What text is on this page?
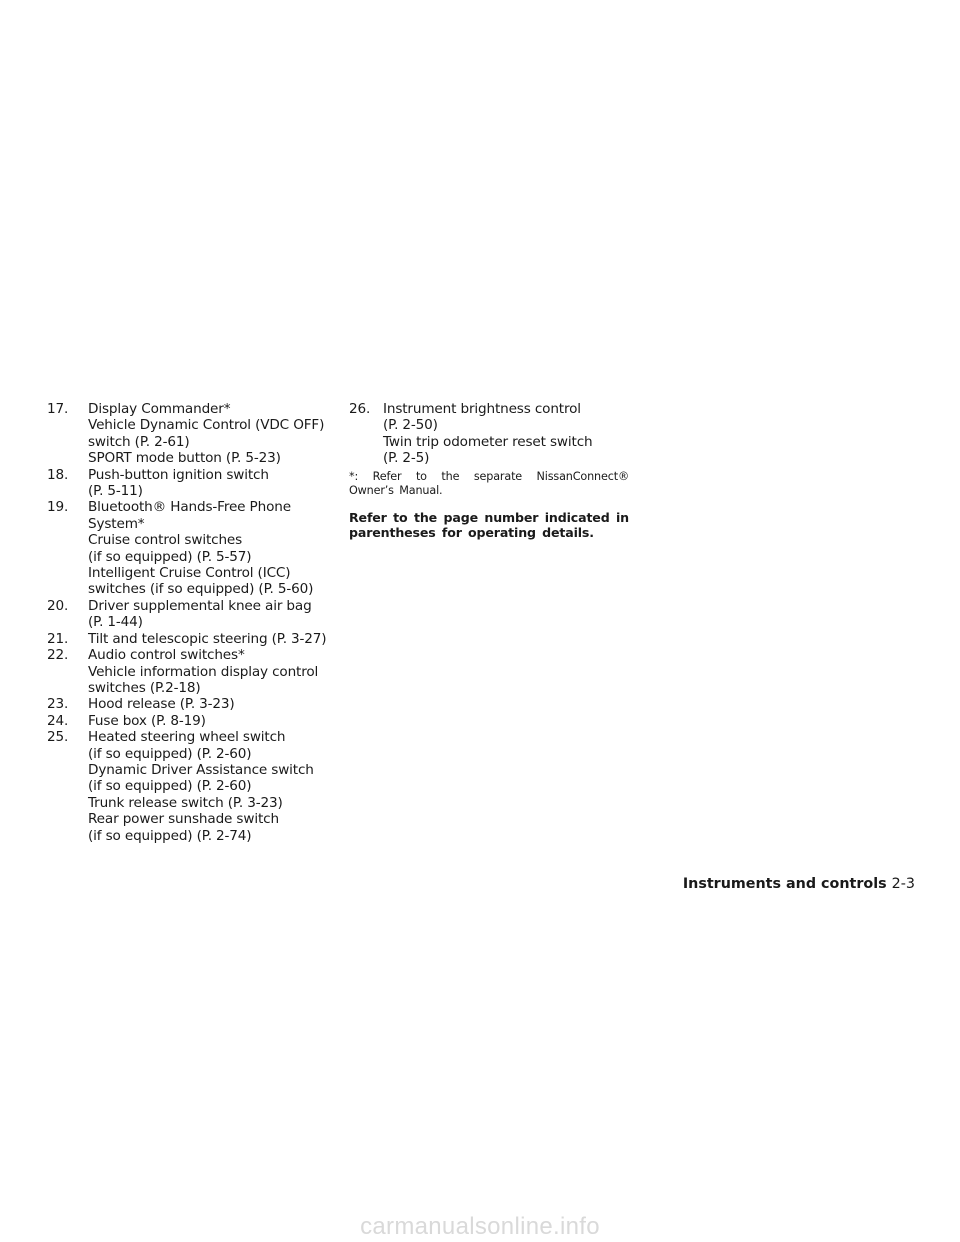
17. Display Commander*
Vehicle Dynamic Control (VDC OFF)
switch (P. 2-61)
SPORT mode button (P. 5-23)
18. Push-button ignition switch
(P. 5-11)
19. Bluetooth® Hands-Free Phone
System*
Cruise control switches
(if so equipped) (P. 5-57)
Intelligent Cruise Control (ICC)
switches (if so equipped) (P. 5-60)
20. Driver supplemental knee air bag
(P. 1-44)
21. Tilt and telescopic steering (P. 3-27)
22. Audio control switches*
Vehicle information display control
switches (P.2-18)
23. Hood release (P. 3-23)
24. Fuse box (P. 8-19)
25. Heated steering wheel switch
(if so equipped) (P. 2-60)
Dynamic Driver Assistance switch
(if so equipped) (P. 2-60)
Trunk release switch (P. 3-23)
Rear power sunshade switch
(if so equipped) (P. 2-74)
26. Instrument brightness control
(P. 2-50)
Twin trip odometer reset switch
(P. 2-5)
*: Refer to the separate NissanConnect® Owner’s Manual.
Refer to the page number indicated in parentheses for operating details.
Instruments and controls 2-3
carmanualsonline.info
